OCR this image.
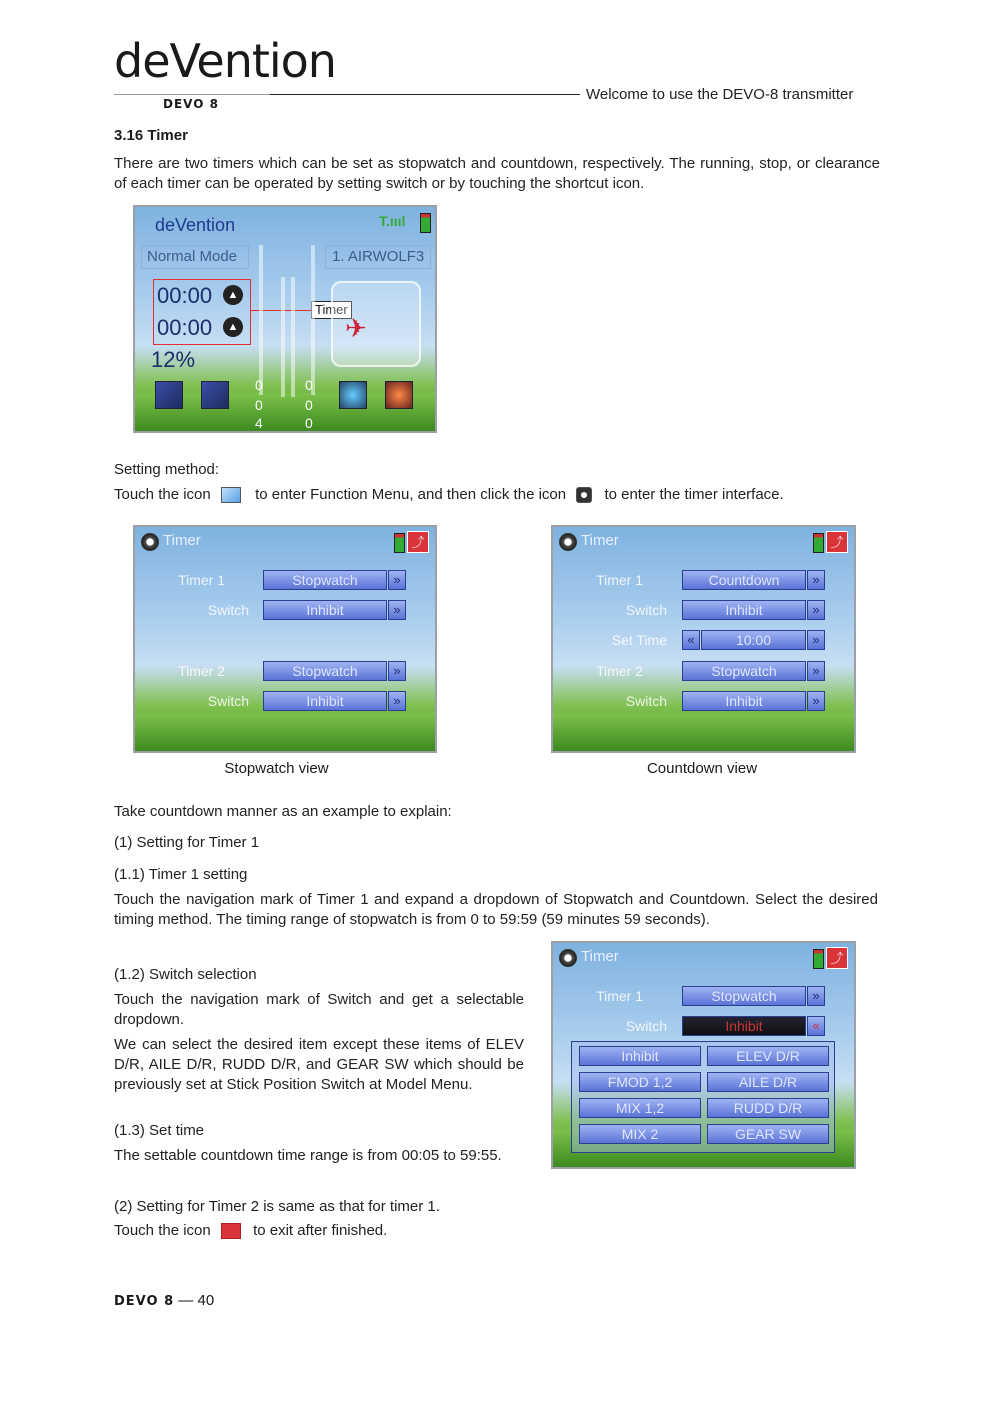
deVention
DEVO 8
Welcome to use the DEVO-8 transmitter
3.16 Timer
There are two timers which can be set as stopwatch and countdown, respectively. The running, stop, or clearance of each timer can be operated by setting switch or by touching the shortcut icon.
deVention	T.ıııl
Normal Mode	1. AIRWOLF3
00:00	▲
00:00	▲
Timer
12%
✈
0	0
0	0
4	0
Setting method:
Touch the icon	to enter Function Menu, and then click the icon	to enter the timer interface.
Timer	⤴
Timer 1	Stopwatch	»
Switch	Inhibit	»
Timer 2	Stopwatch	»
Switch	Inhibit	»
Stopwatch view
Timer	⤴
Timer 1	Countdown	»
Switch	Inhibit	»
Set Time	«	10:00	»
Timer 2	Stopwatch	»
Switch	Inhibit	»
Countdown view
Take countdown manner as an example to explain:
(1) Setting for Timer 1
(1.1) Timer 1 setting
Touch the navigation mark of Timer 1 and expand a dropdown of Stopwatch and Countdown. Select the desired timing method. The timing range of stopwatch is from 0 to 59:59 (59 minutes 59 seconds).
(1.2) Switch selection
Touch the navigation mark of Switch and get a selectable dropdown.
We can select the desired item except these items of ELEV D/R, AILE D/R, RUDD D/R, and GEAR SW which should be previously set at Stick Position Switch at Model Menu.
(1.3) Set time
The settable countdown time range is from 00:05 to 59:55.
Timer	⤴
Timer 1	Stopwatch	»
Switch	Inhibit	«
Inhibit	ELEV D/R
FMOD 1,2	AILE D/R
MIX 1,2	RUDD D/R
MIX 2	GEAR SW
(2) Setting for Timer 2 is same as that for timer 1.
Touch the icon	to exit after finished.
DEVO 8 — 40
